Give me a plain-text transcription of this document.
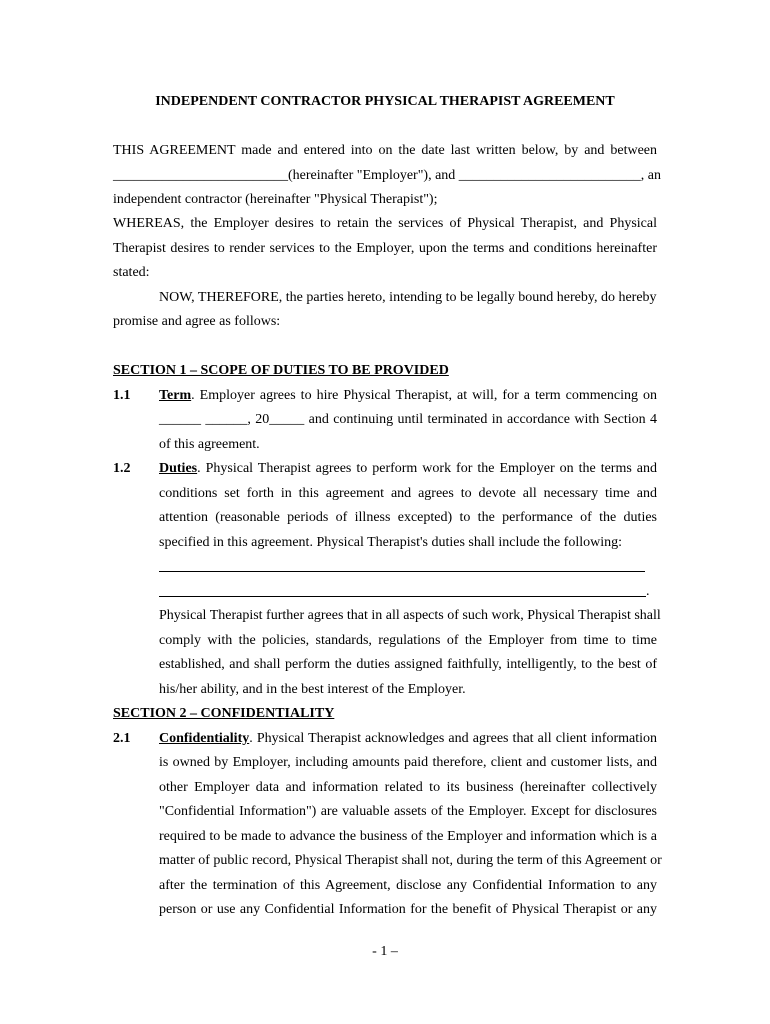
INDEPENDENT CONTRACTOR PHYSICAL THERAPIST AGREEMENT
THIS AGREEMENT made and entered into on the date last written below, by and between
_________________________(hereinafter "Employer"), and __________________________, an
independent contractor (hereinafter "Physical Therapist");
WHEREAS, the Employer desires to retain the services of Physical Therapist, and Physical
Therapist desires to render services to the Employer, upon the terms and conditions hereinafter
stated:
NOW, THEREFORE, the parties hereto, intending to be legally bound hereby, do hereby
promise and agree as follows:
SECTION 1 – SCOPE OF DUTIES TO BE PROVIDED
1.1 Term. Employer agrees to hire Physical Therapist, at will, for a term commencing on
______ ______, 20_____ and continuing until terminated in accordance with Section 4
of this agreement.
1.2 Duties. Physical Therapist agrees to perform work for the Employer on the terms and
conditions set forth in this agreement and agrees to devote all necessary time and
attention (reasonable periods of illness excepted) to the performance of the duties
specified in this agreement. Physical Therapist's duties shall include the following:
.
Physical Therapist further agrees that in all aspects of such work, Physical Therapist shall
comply with the policies, standards, regulations of the Employer from time to time
established, and shall perform the duties assigned faithfully, intelligently, to the best of
his/her ability, and in the best interest of the Employer.
SECTION 2 – CONFIDENTIALITY
2.1 Confidentiality. Physical Therapist acknowledges and agrees that all client information
is owned by Employer, including amounts paid therefore, client and customer lists, and
other Employer data and information related to its business (hereinafter collectively
"Confidential Information") are valuable assets of the Employer. Except for disclosures
required to be made to advance the business of the Employer and information which is a
matter of public record, Physical Therapist shall not, during the term of this Agreement or
after the termination of this Agreement, disclose any Confidential Information to any
person or use any Confidential Information for the benefit of Physical Therapist or any
- 1 –
